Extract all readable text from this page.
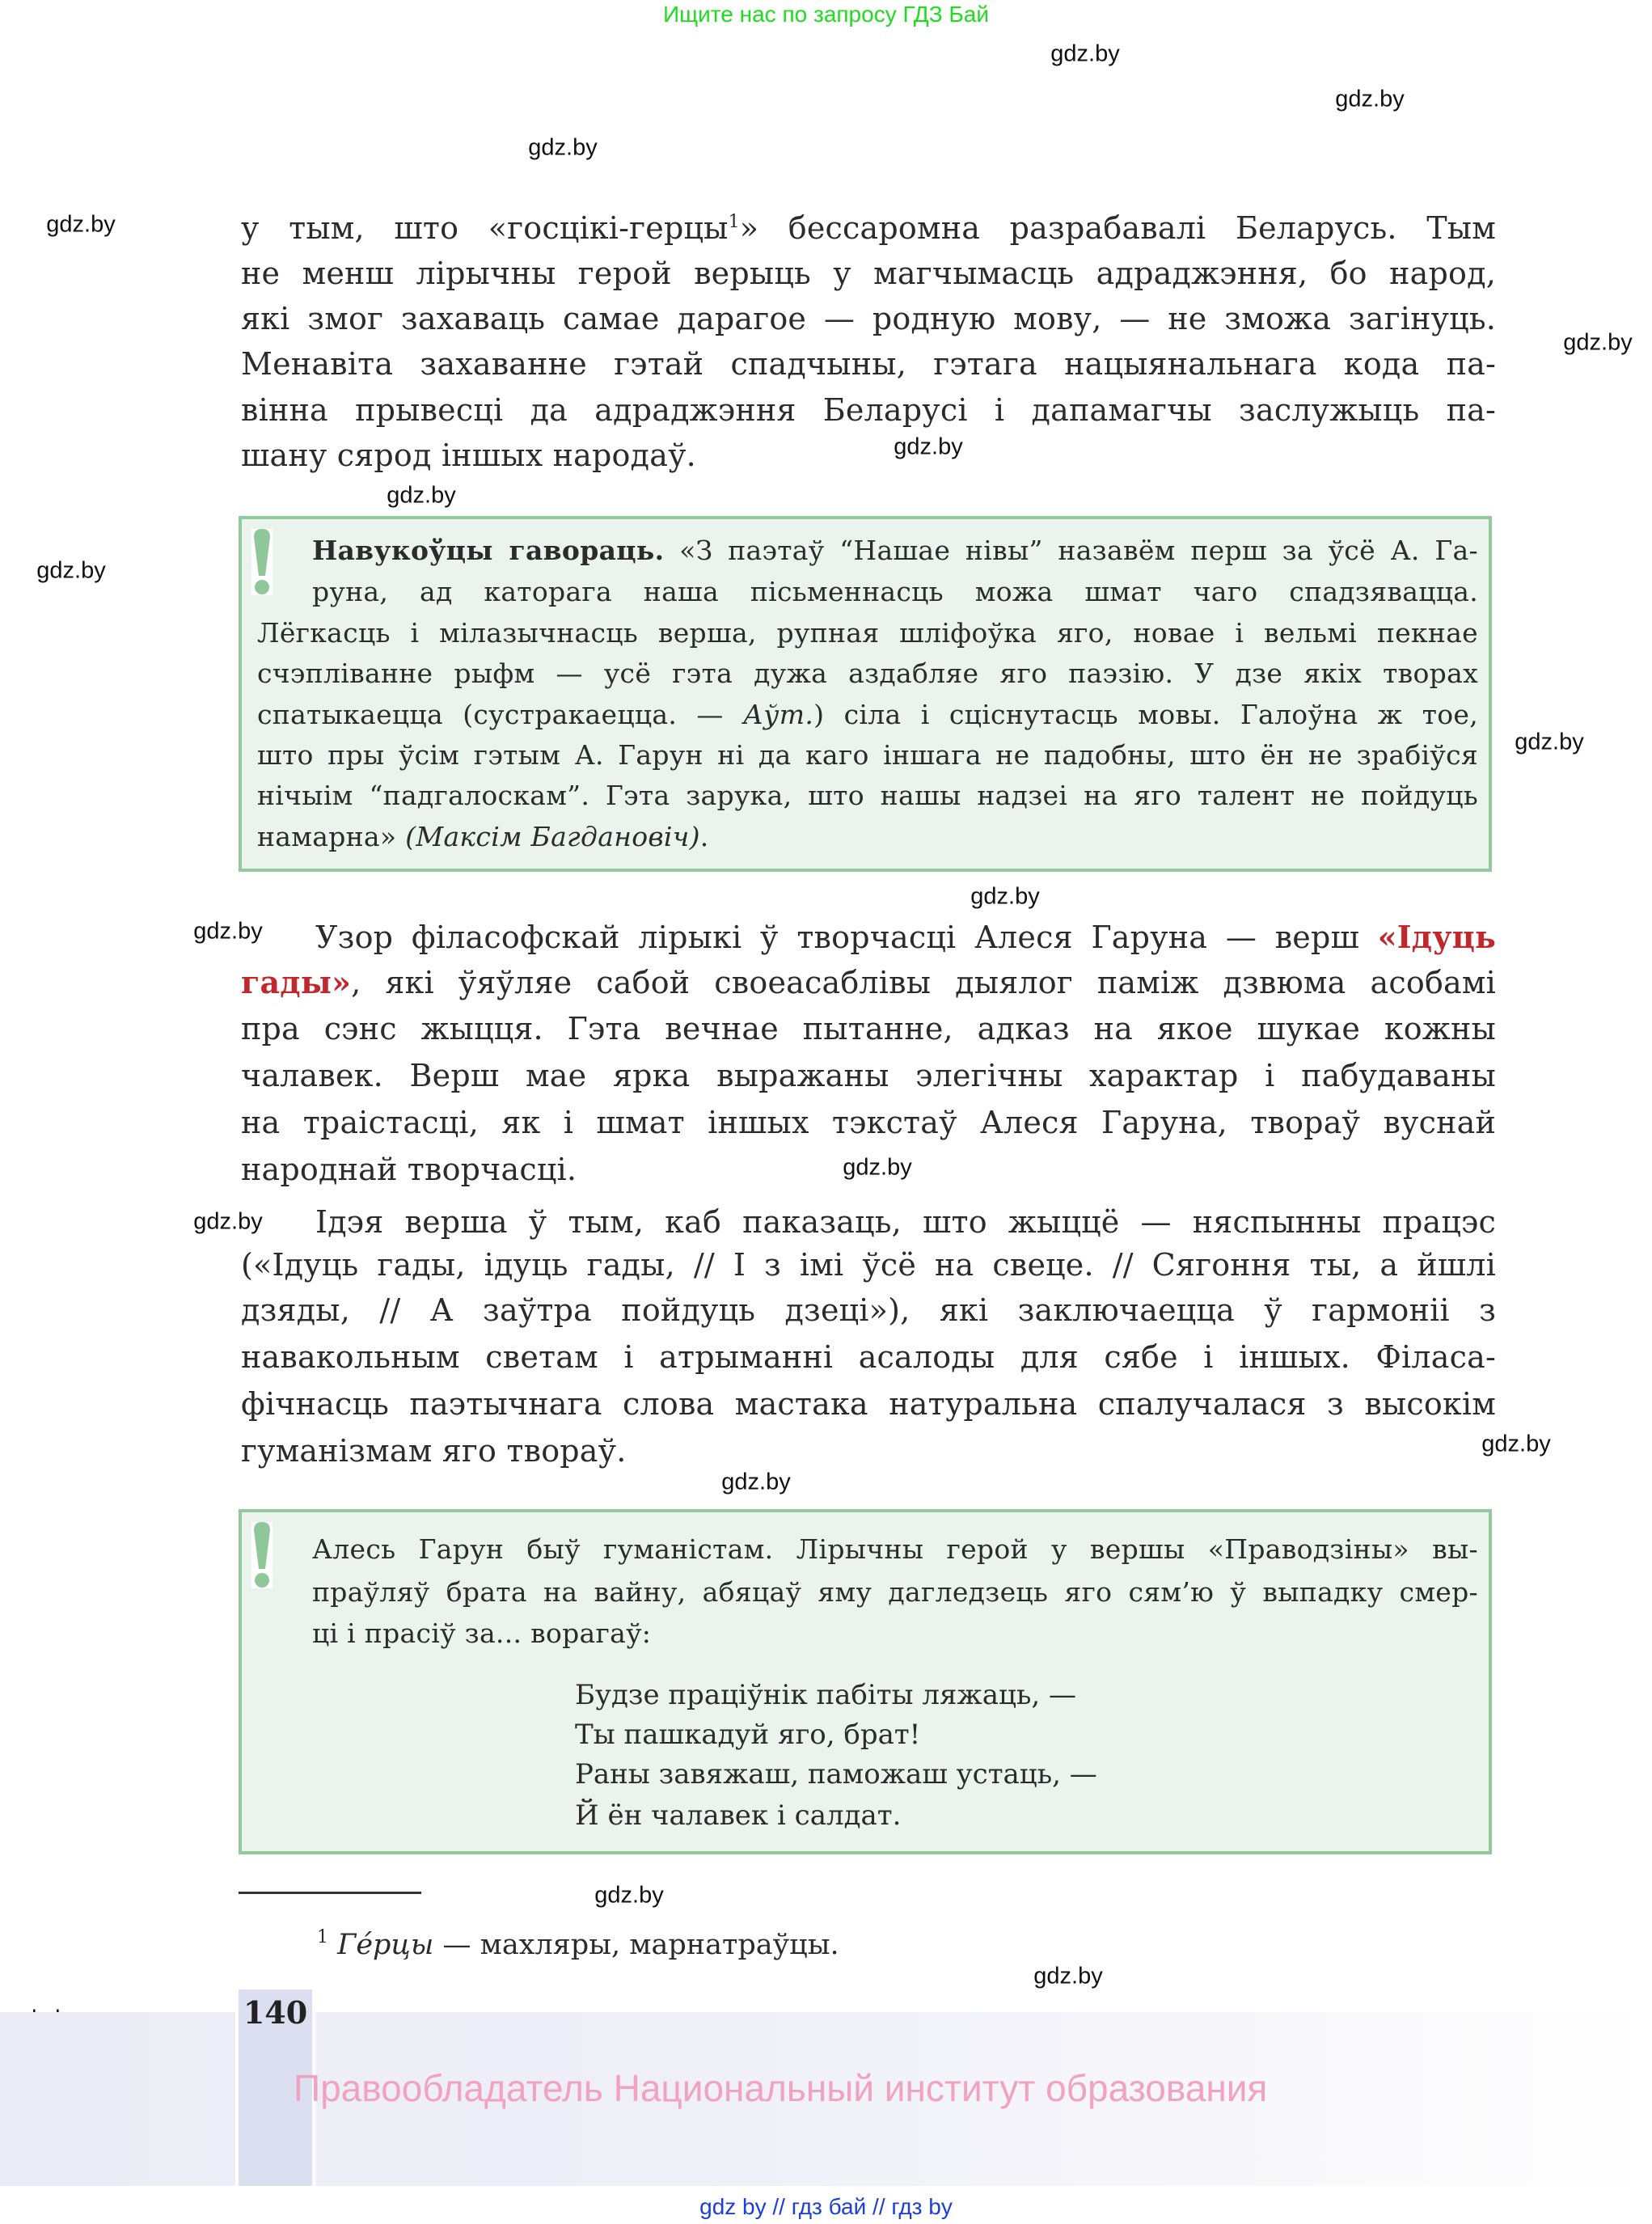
Ищите нас по запросу ГДЗ Бай
gdz.by
gdz.by
gdz.by
gdz.by
gdz.by
gdz.by
gdz.by
gdz.by
gdz.by
gdz.by
gdz.by
gdz.by
gdz.by
gdz.by
gdz.by
gdz.by
gdz.by
у тым, што «госцікі-герцы$^1$» бессаромна разрабавалі Беларусь. Тым
не менш лірычны герой верыць у магчымасць адраджэння, бо народ,
які змог захаваць самае дарагое — родную мову, — не зможа загінуць.
Менавіта захаванне гэтай спадчыны, гэтага нацыянальнага кода па-
вінна прывесці да адраджэння Беларусі і дапамагчы заслужыць па-
шану сярод іншых народаў.
Навукоўцы гавораць. «З паэтаў “Нашае нівы” назавём перш за ўсё А. Га-
руна, ад каторага наша пісьменнасць можа шмат чаго спадзявацца.
Лёгкасць і мілазычнасць верша, рупная шліфоўка яго, новае і вельмі пекнае
счэпліванне рыфм — усё гэта дужа аздабляе яго паэзію. У дзе якіх творах
спатыкаецца (сустракаецца. — Аўт.) сіла і сціснутасць мовы. Галоўна ж тое,
што пры ўсім гэтым А. Гарун ні да каго іншага не падобны, што ён не зрабіўся
нічыім “падгалоскам”. Гэта зарука, што нашы надзеі на яго талент не пойдуць
намарна» (Максім Багдановіч).
Узор філасофскай лірыкі ў творчасці Алеся Гаруна — верш «Ідуць
гады», які ўяўляе сабой своеасаблівы дыялог паміж дзвюма асобамі
пра сэнс жыцця. Гэта вечнае пытанне, адказ на якое шукае кожны
чалавек. Верш мае ярка выражаны элегічны характар і пабудаваны
на траістасці, як і шмат іншых тэкстаў Алеся Гаруна, твораў вуснай
народнай творчасці.
Ідэя верша ў тым, каб паказаць, што жыццё — няспынны працэс
(«Ідуць гады, ідуць гады, // І з імі ўсё на свеце. // Сягоння ты, а йшлі
дзяды, // А заўтра пойдуць дзеці»), які заключаецца ў гармоніі з
навакольным светам і атрыманні асалоды для сябе і іншых. Філаса-
фічнасць паэтычнага слова мастака натуральна спалучалася з высокім
гуманізмам яго твораў.
Алесь Гарун быў гуманістам. Лірычны герой у вершы «Праводзіны» вы-
праўляў брата на вайну, абяцаў яму дагледзець яго сям’ю ў выпадку смер-
ці і прасіў за... ворагаў:
Будзе праціўнік пабіты ляжаць, —
Ты пашкадуй яго, брат!
Раны завяжаш, паможаш устаць, —
Й ён чалавек і салдат.
$^1$ Ге́рцы — махляры, марнатраўцы.
140
Правообладатель Национальный институт образования
gdz by // гдз бай // гдз by
